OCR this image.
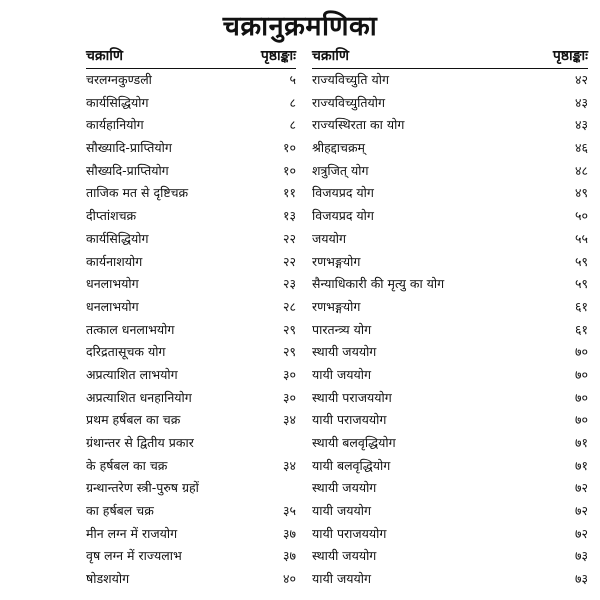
चक्रानुक्रमणिका
चक्राणि	पृष्ठाङ्काः
चरलग्नकुण्डली	५
कार्यसिद्धियोग	८
कार्यहानियोग	८
सौख्यादि-प्राप्तियोग	१०
सौख्यदि-प्राप्तियोग	१०
ताजिक मत से दृष्टिचक्र	११
दीप्तांशचक्र	१३
कार्यसिद्धियोग	२२
कार्यनाशयोग	२२
धनलाभयोग	२३
धनलाभयोग	२८
तत्काल धनलाभयोग	२९
दरिद्रतासूचक योग	२९
अप्रत्याशित लाभयोग	३०
अप्रत्याशित धनहानियोग	३०
प्रथम हर्षबल का चक्र	३४
ग्रंथान्तर से द्वितीय प्रकार
के हर्षबल का चक्र	३४
ग्रन्थान्तरेण स्त्री-पुरुष ग्रहों
का हर्षबल चक्र	३५
मीन लग्न में राजयोग	३७
वृष लग्न में राज्यलाभ	३७
षोडशयोग	४०
चक्राणि	पृष्ठाङ्काः
राज्यविच्युति योग	४२
राज्यविच्युतियोग	४३
राज्यस्थिरता का योग	४३
श्रीहद्दाचक्रम्	४६
शत्रुजित् योग	४८
विजयप्रद योग	४९
विजयप्रद योग	५०
जययोग	५५
रणभङ्गयोग	५९
सैन्याधिकारी की मृत्यु का योग	५९
रणभङ्गयोग	६१
पारतन्त्र्य योग	६१
स्थायी जययोग	७०
यायी जययोग	७०
स्थायी पराजययोग	७०
यायी पराजययोग	७०
स्थायी बलवृद्धियोग	७१
यायी बलवृद्धियोग	७१
स्थायी जययोग	७२
यायी जययोग	७२
यायी पराजययोग	७२
स्थायी जययोग	७३
यायी जययोग	७३
